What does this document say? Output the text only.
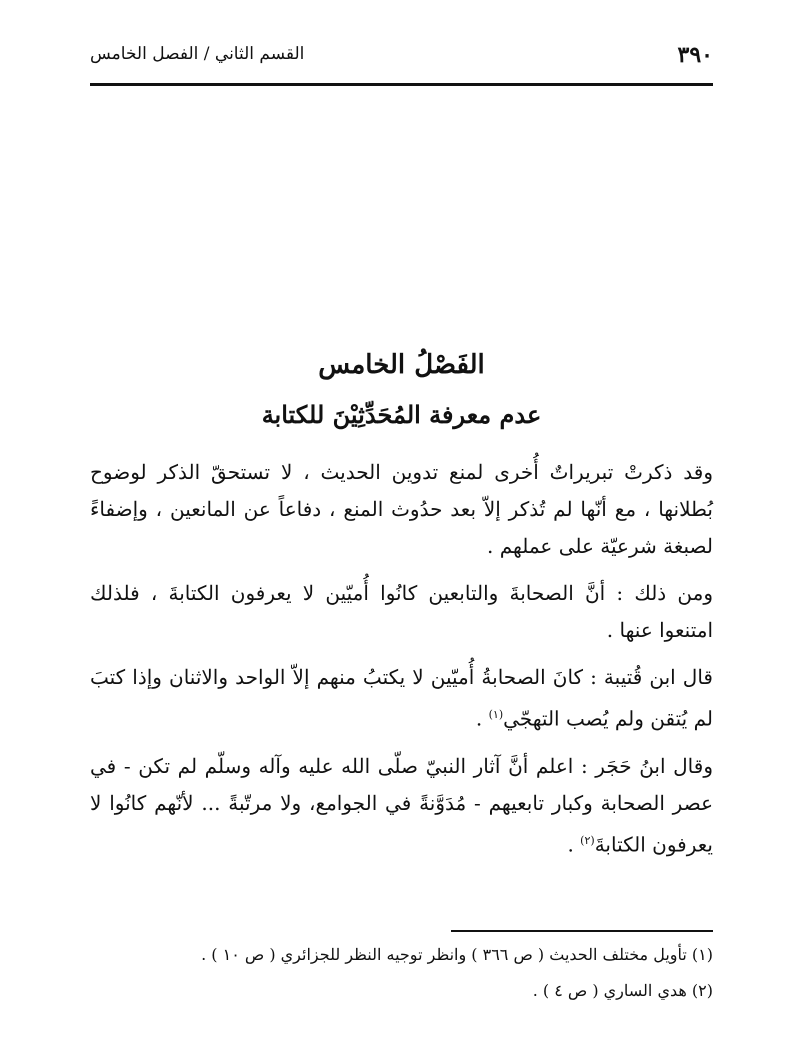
٣٩٠
القسم الثاني / الفصل الخامس
الفَصْلُ الخامس
عدم معرفة المُحَدِّثِيْنَ للكتابة

وقد ذكرتْ تبريراتٌ أُخرى لمنع تدوين الحديث ، لا تستحقّ الذكر لوضوح بُطلانها ، مع أنّها لم تُذكر إلاّ بعد حدُوث المنع ، دفاعاً عن المانعين ، وإضفاءً لصبغة شرعيّة على عملهم .

ومن ذلك : أنَّ الصحابةَ والتابعين كانُوا أُميّين لا يعرفون الكتابةَ ، فلذلك امتنعوا عنها .

قال ابن قُتيبة : كانَ الصحابةُ أُميّين لا يكتبُ منهم إلاّ الواحد والاثنان وإذا كتبَ لم يُتقن ولم يُصب التهجّي$^{(١)}$ .

وقال ابنُ حَجَر : اعلم أنَّ آثار النبيّ صلّى الله عليه وآله وسلّم لم تكن - في عصر الصحابة وكبار تابعيهم - مُدَوَّنةً في الجوامع، ولا مرتّبةً ... لأنّهم كانُوا لا يعرفون الكتابةَ$^{(٢)}$ .

(١) تأويل مختلف الحديث ( ص ٣٦٦ ) وانظر توجيه النظر للجزائري ( ص ١٠ ) .

(٢) هدي الساري ( ص ٤ ) .
